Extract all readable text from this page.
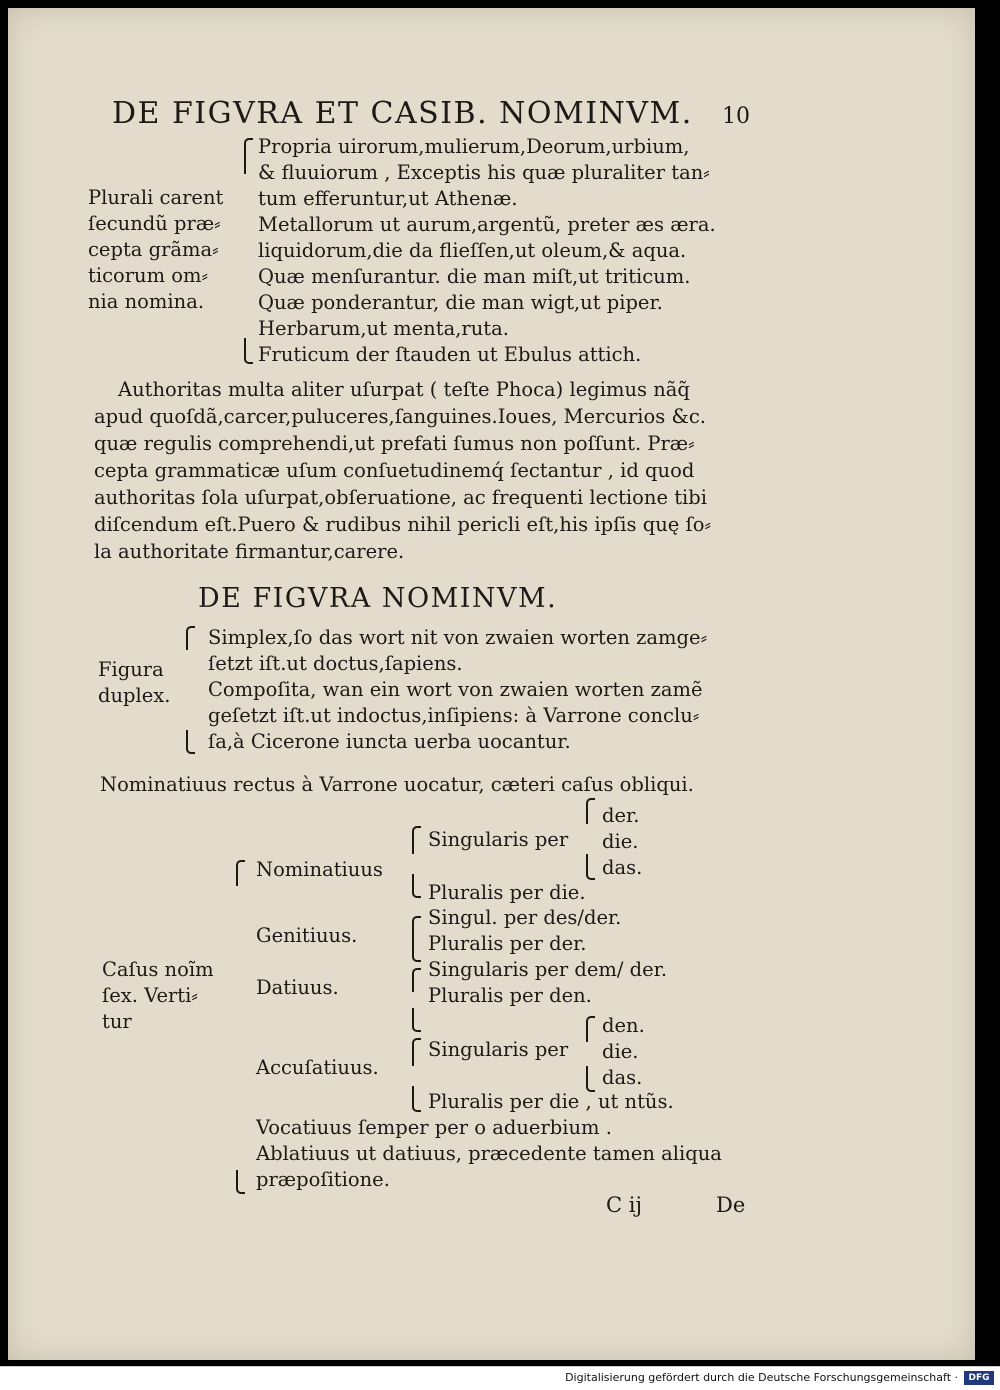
DE FIGVRA ET CASIB. NOMINVM. 10
Plurali carent
ſecundũ præ⸗
cepta grãma⸗
ticorum om⸗
nia nomina.
Propria uirorum,mulierum,Deorum,urbium,
& fluuiorum , Exceptis his quæ pluraliter tan⸗
tum efferuntur,ut Athenæ.
Metallorum ut aurum,argentũ, preter æs æra.
liquidorum,die da flieſſen,ut oleum,& aqua.
Quæ menſurantur. die man miſt,ut triticum.
Quæ ponderantur, die man wigt,ut piper.
Herbarum,ut menta,ruta.
Fruticum der ſtauden ut Ebulus attich.
Authoritas multa aliter uſurpat ( teſte Phoca) legimus nãq̃
apud quoſdã,carcer,puluceres,ſanguines.Ioues, Mercurios &c.
quæ regulis comprehendi,ut prefati ſumus non poſſunt. Præ⸗
cepta grammaticæ uſum conſuetudinemq́ ſectantur , id quod
authoritas ſola uſurpat,obſeruatione, ac frequenti lectione tibi
diſcendum eſt.Puero & rudibus nihil pericli eſt,his ipſis quę ſo⸗
la authoritate firmantur,carere.
DE FIGVRA NOMINVM.
Figura
duplex.
Simplex,ſo das wort nit von zwaien worten zamge⸗
ſetzt iſt.ut doctus,ſapiens.
Compoſita, wan ein wort von zwaien worten zamẽ
geſetzt iſt.ut indoctus,inſipiens: à Varrone conclu⸗
ſa,à Cicerone iuncta uerba uocantur.
Nominatiuus rectus à Varrone uocatur, cæteri caſus obliqui.
Caſus noĩm
ſex. Verti⸗
tur
Nominatiuus
Singularis per
der.
die.
das.
Pluralis per die.
Genitiuus.
Singul. per des/der.
Pluralis per der.
Datiuus.
Singularis per dem/ der.
Pluralis per den.
Accuſatiuus.
Singularis per
den.
die.
das.
Pluralis per die , ut ntũs.
Vocatiuus ſemper per o aduerbium .
Ablatiuus ut datiuus, præcedente tamen aliqua
præpoſitione.
C ij	De
Digitalisierung gefördert durch die Deutsche Forschungsgemeinschaft ·	DFG
